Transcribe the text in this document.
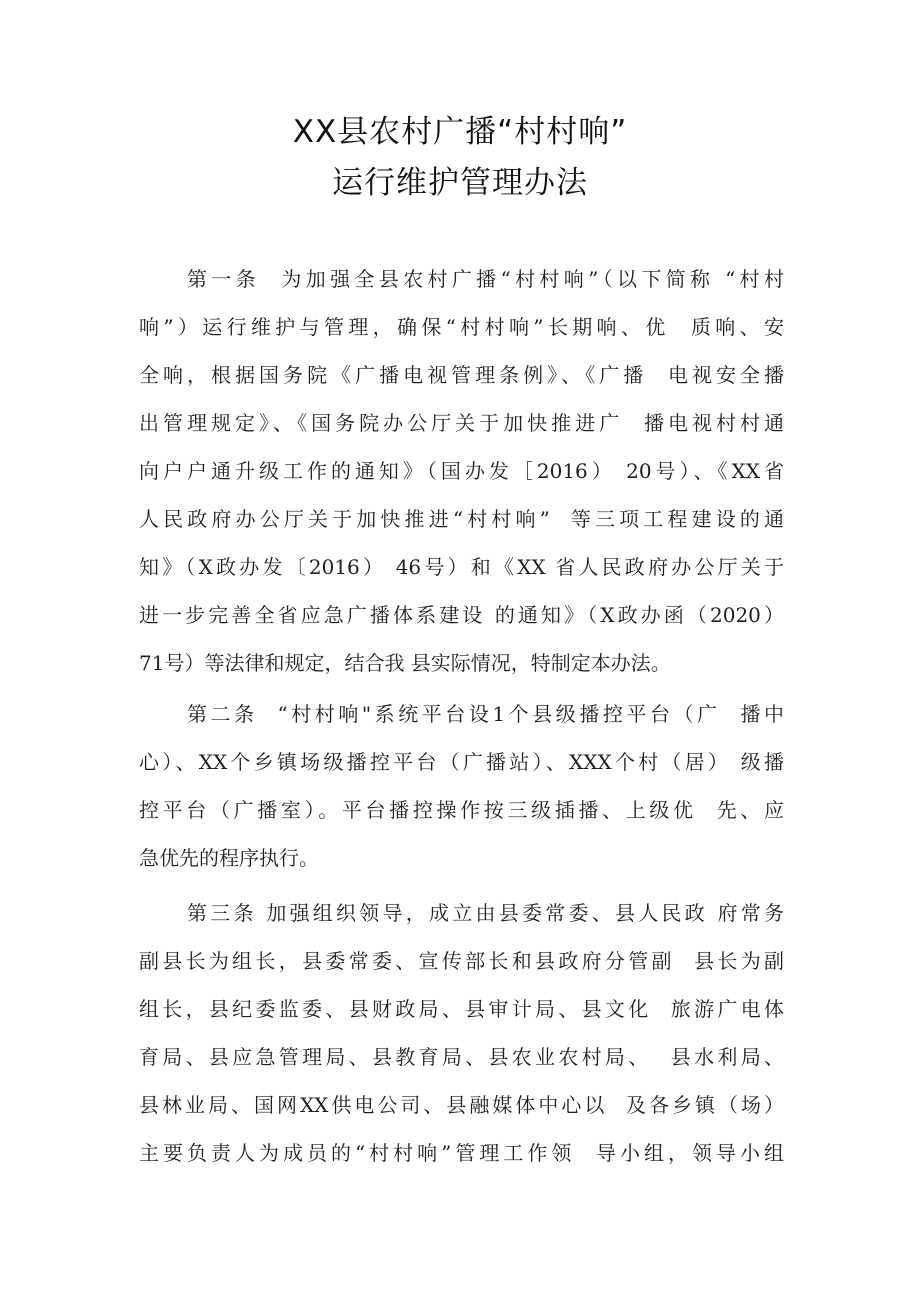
XX县农村广播“村村响”
运行维护管理办法
第一条  为加强全县农村广播“村村响”（以下简称 “村村
响”）运行维护与管理，确保“村村响”长期响、优  质响、安
全响，根据国务院《广播电视管理条例》、《广播  电视安全播
出管理规定》、《国务院办公厅关于加快推进广  播电视村村通
向户户通升级工作的通知》（国办发［2016） 20号）、《XX省
人民政府办公厅关于加快推进“村村响”  等三项工程建设的通
知》（X政办发〔2016） 46号）和《XX 省人民政府办公厅关于
进一步完善全省应急广播体系建设 的通知》（X政办函（2020）
71号）等法律和规定，结合我 县实际情况，特制定本办法。
第二条  “村村响"系统平台设1个县级播控平台（广  播中
心）、XX个乡镇场级播控平台（广播站）、XXX个村（居） 级播
控平台（广播室）。平台播控操作按三级插播、上级优  先、应
急优先的程序执行。
第三条 加强组织领导，成立由县委常委、县人民政 府常务
副县长为组长，县委常委、宣传部长和县政府分管副  县长为副
组长，县纪委监委、县财政局、县审计局、县文化  旅游广电体
育局、县应急管理局、县教育局、县农业农村局、  县水利局、
县林业局、国网XX供电公司、县融媒体中心以  及各乡镇（场）
主要负责人为成员的“村村响”管理工作领  导小组，领导小组
